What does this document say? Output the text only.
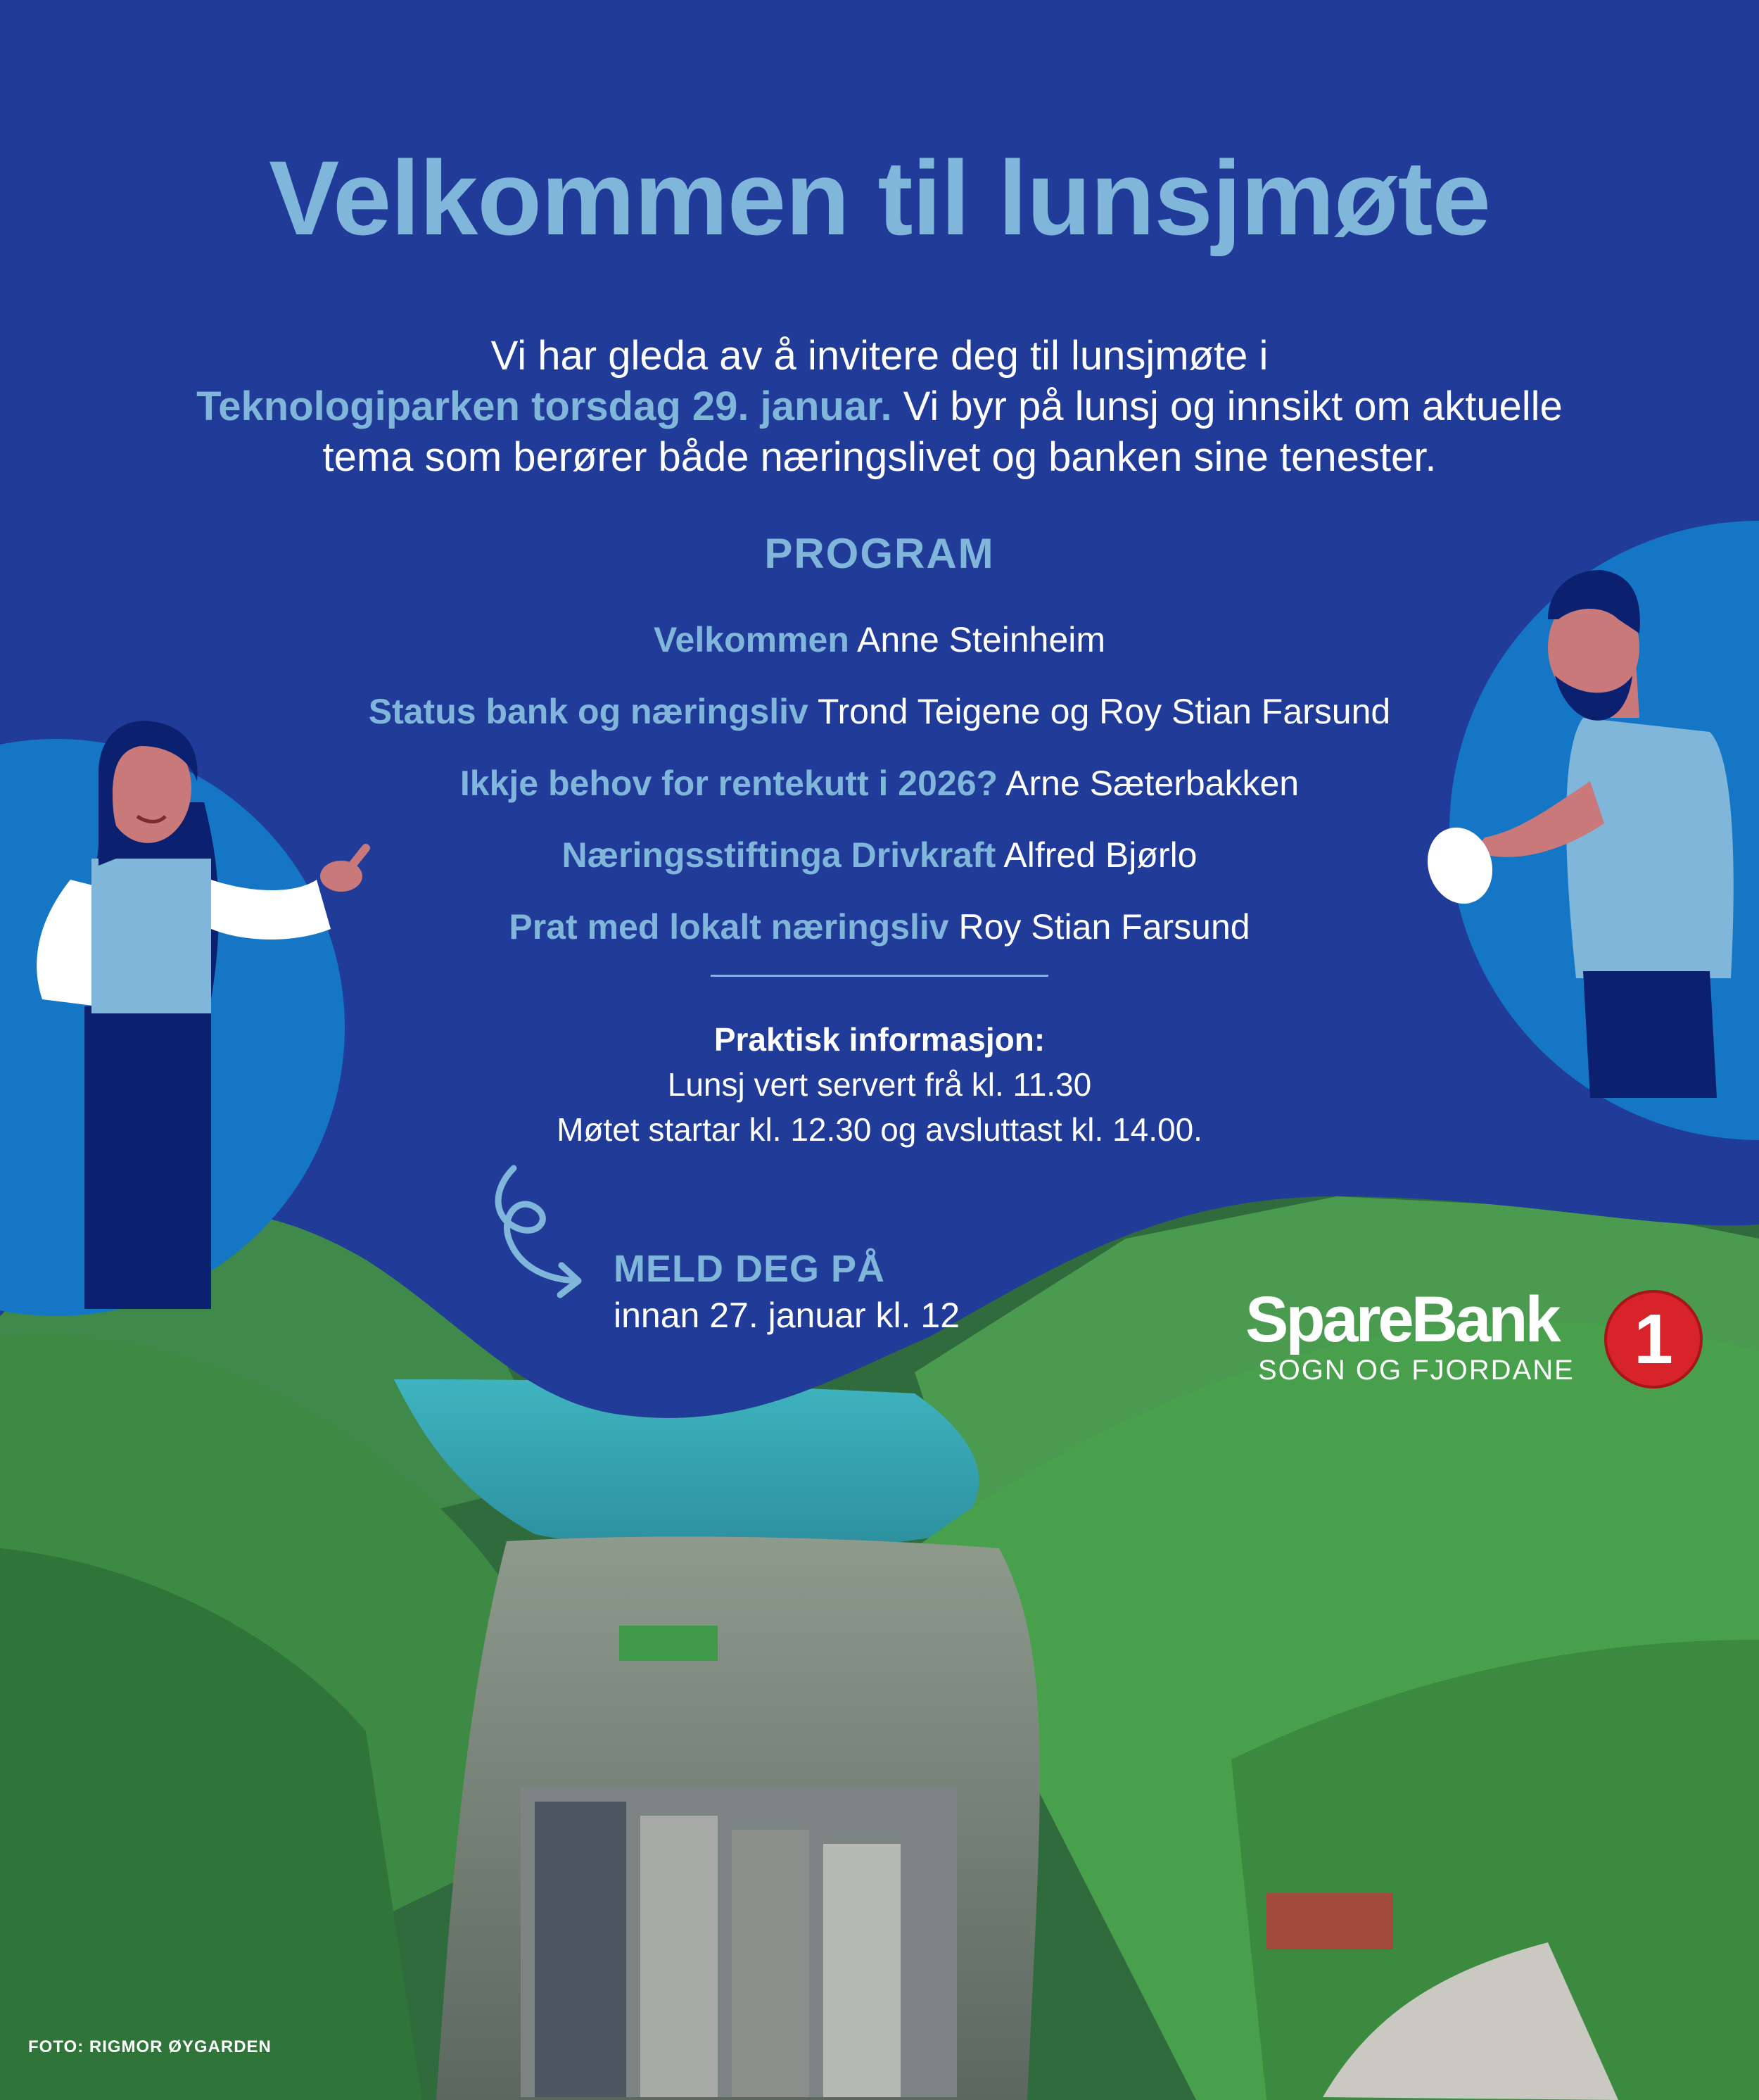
Velkommen til lunsjmøte
Vi har gleda av å invitere deg til lunsjmøte i
Teknologiparken torsdag 29. januar. Vi byr på lunsj og innsikt om aktuelle
tema som berører både næringslivet og banken sine tenester.
PROGRAM
Velkommen Anne Steinheim
Status bank og næringsliv Trond Teigene og Roy Stian Farsund
Ikkje behov for rentekutt i 2026? Arne Sæterbakken
Næringsstiftinga Drivkraft Alfred Bjørlo
Prat med lokalt næringsliv Roy Stian Farsund
Praktisk informasjon:
Lunsj vert servert frå kl. 11.30
Møtet startar kl. 12.30 og avsluttast kl. 14.00.
MELD DEG PÅ
innan 27. januar kl. 12	SpareBank 1
SOGN OG FJORDANE
FOTO: RIGMOR ØYGARDEN
